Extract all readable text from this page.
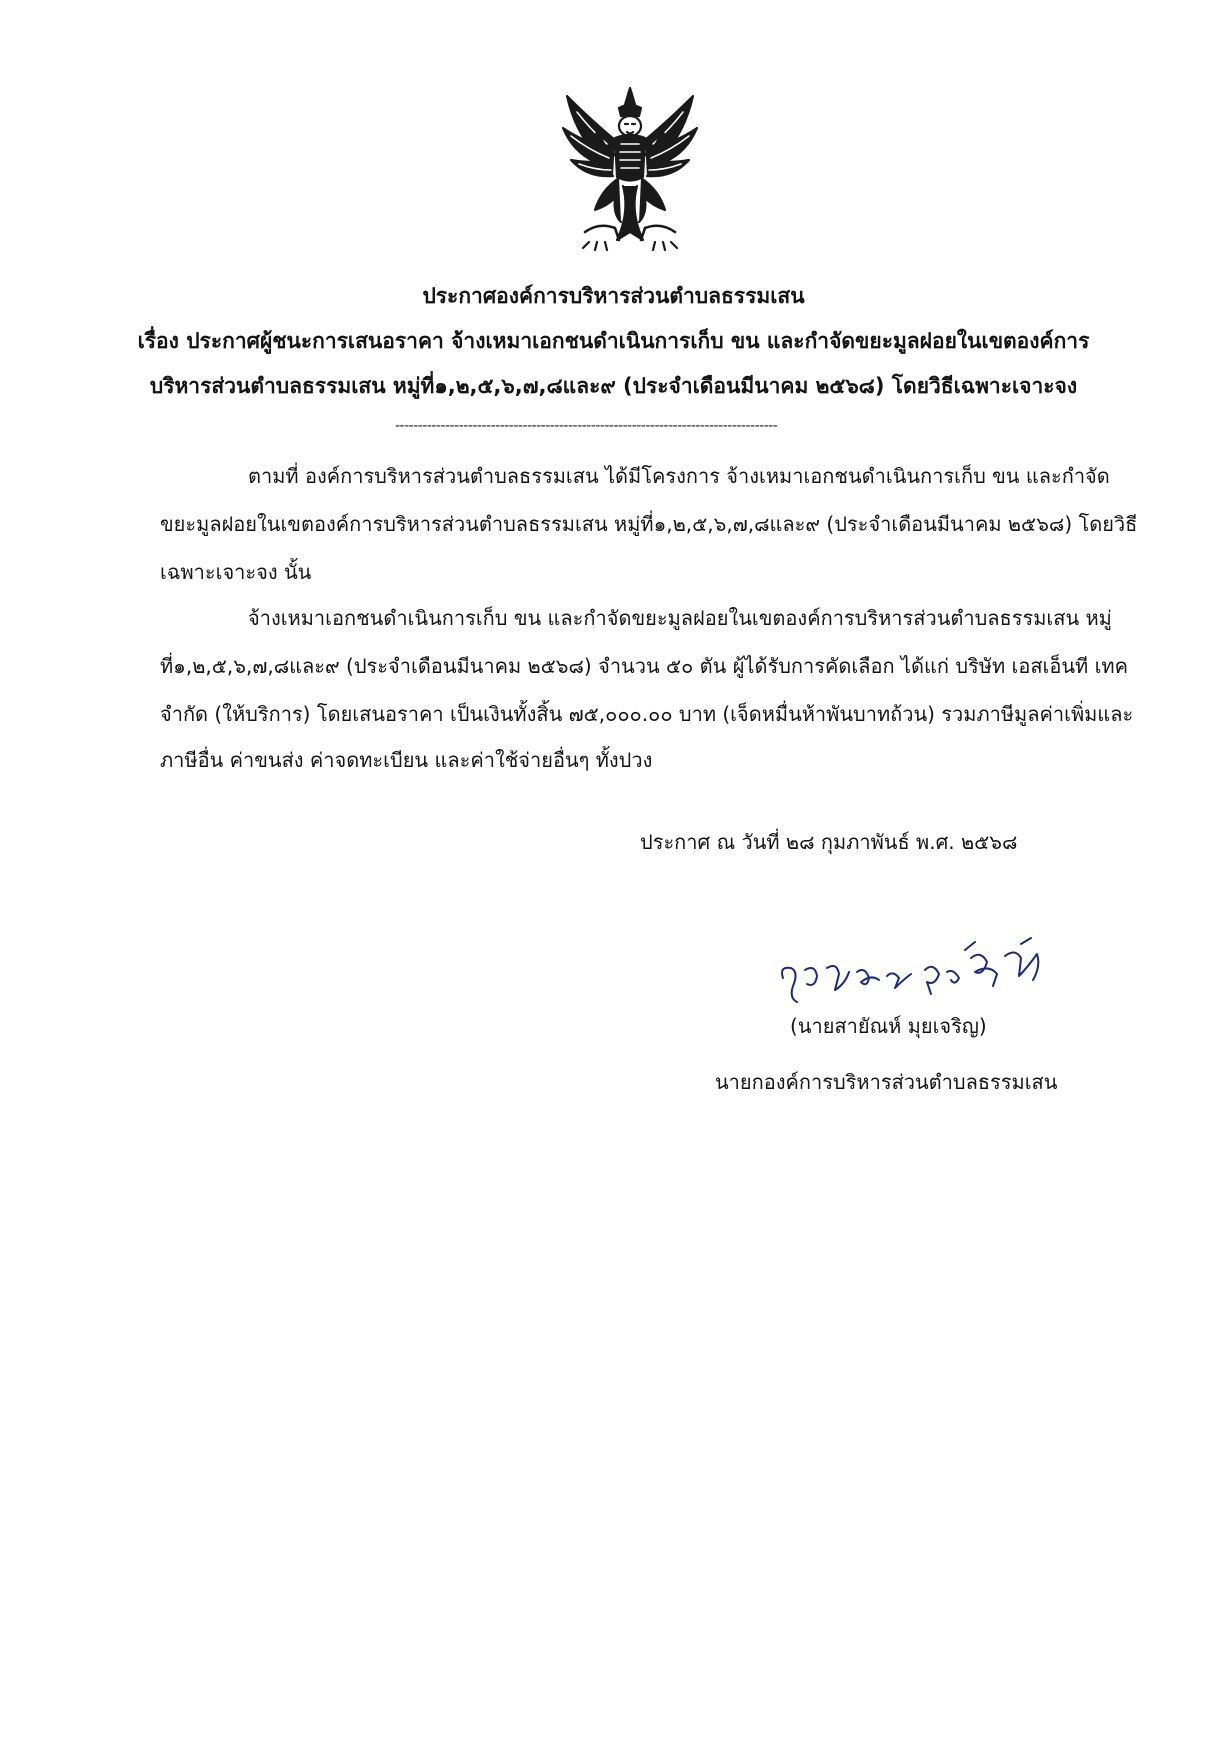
ประกาศองค์การบริหารส่วนตำบลธรรมเสน
เรื่อง ประกาศผู้ชนะการเสนอราคา จ้างเหมาเอกชนดำเนินการเก็บ ขน และกำจัดขยะมูลฝอยในเขตองค์การ
บริหารส่วนตำบลธรรมเสน หมู่ที่๑,๒,๕,๖,๗,๘และ๙ (ประจำเดือนมีนาคม ๒๕๖๘) โดยวิธีเฉพาะเจาะจง
------------------------------------------------------------------------------------
ตามที่ องค์การบริหารส่วนตำบลธรรมเสน ได้มีโครงการ จ้างเหมาเอกชนดำเนินการเก็บ ขน และกำจัด
ขยะมูลฝอยในเขตองค์การบริหารส่วนตำบลธรรมเสน หมู่ที่๑,๒,๕,๖,๗,๘และ๙ (ประจำเดือนมีนาคม ๒๕๖๘) โดยวิธี
เฉพาะเจาะจง นั้น
จ้างเหมาเอกชนดำเนินการเก็บ ขน และกำจัดขยะมูลฝอยในเขตองค์การบริหารส่วนตำบลธรรมเสน หมู่
ที่๑,๒,๕,๖,๗,๘และ๙ (ประจำเดือนมีนาคม ๒๕๖๘) จำนวน ๕๐ ตัน ผู้ได้รับการคัดเลือก ได้แก่ บริษัท เอสเอ็นที เทค
จำกัด (ให้บริการ) โดยเสนอราคา เป็นเงินทั้งสิ้น ๗๕,๐๐๐.๐๐ บาท (เจ็ดหมื่นห้าพันบาทถ้วน) รวมภาษีมูลค่าเพิ่มและ
ภาษีอื่น ค่าขนส่ง ค่าจดทะเบียน และค่าใช้จ่ายอื่นๆ ทั้งปวง
ประกาศ ณ วันที่ ๒๘ กุมภาพันธ์ พ.ศ. ๒๕๖๘
(นายสายัณห์ มุยเจริญ)
นายกองค์การบริหารส่วนตำบลธรรมเสน
